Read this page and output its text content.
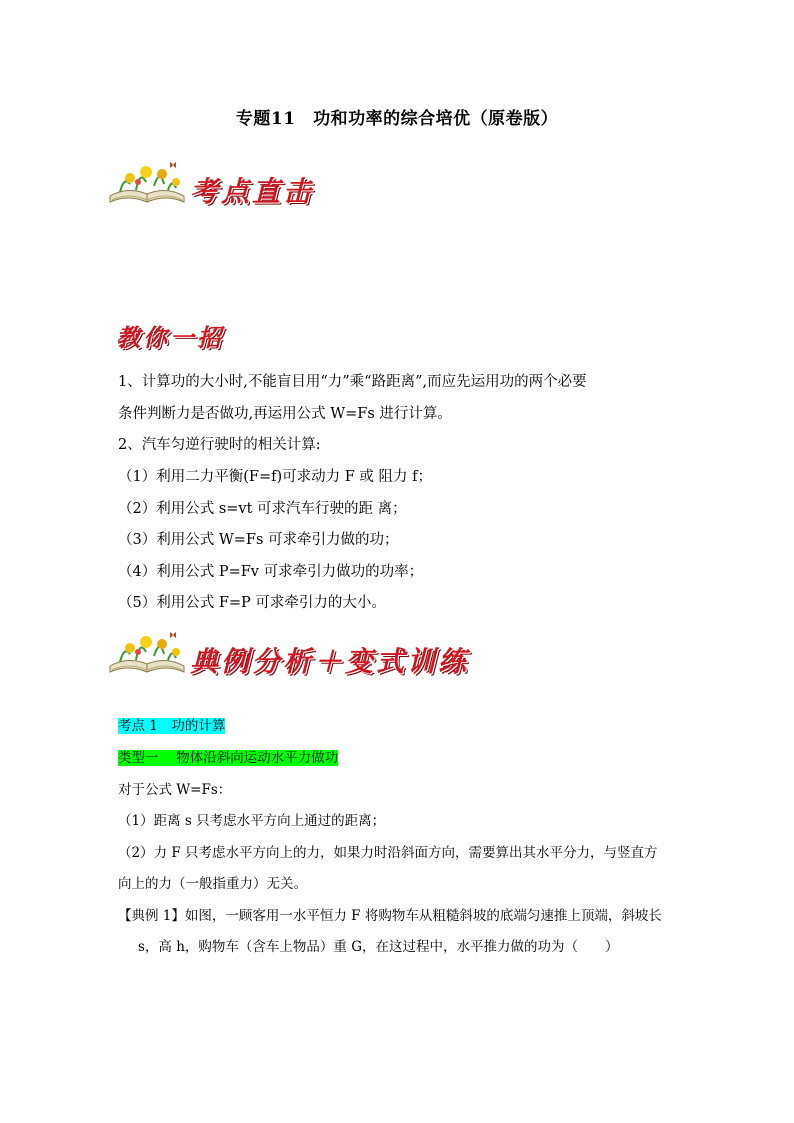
专题11　功和功率的综合培优（原卷版）
考点直击
教你一招
1、计算功的大小时,不能盲目用“力”乘“路距离”,而应先运用功的两个必要
条件判断力是否做功,再运用公式 W=Fs 进行计算。
2、汽车匀逆行驶时的相关计算:
（1）利用二力平衡(F=f)可求动力 F 或 阻力 f；
（2）利用公式 s=vt 可求汽车行驶的距 离；
（3）利用公式 W=Fs 可求牵引力做的功；
（4）利用公式 P=Fv 可求牵引力做功的功率；
（5）利用公式 F=P 可求牵引力的大小。
典例分析＋变式训练
考点 1　功的计算
类型一　 物体沿斜向运动水平力做功
对于公式 W=Fs：
（1）距离 s 只考虑水平方向上通过的距离；
（2）力 F 只考虑水平方向上的力，如果力时沿斜面方向，需要算出其水平分力，与竖直方
向上的力（一般指重力）无关。
【典例 1】如图，一顾客用一水平恒力 F 将购物车从粗糙斜坡的底端匀速推上顶端，斜坡长
s，高 h，购物车（含车上物品）重 G，在这过程中，水平推力做的功为（　　）
